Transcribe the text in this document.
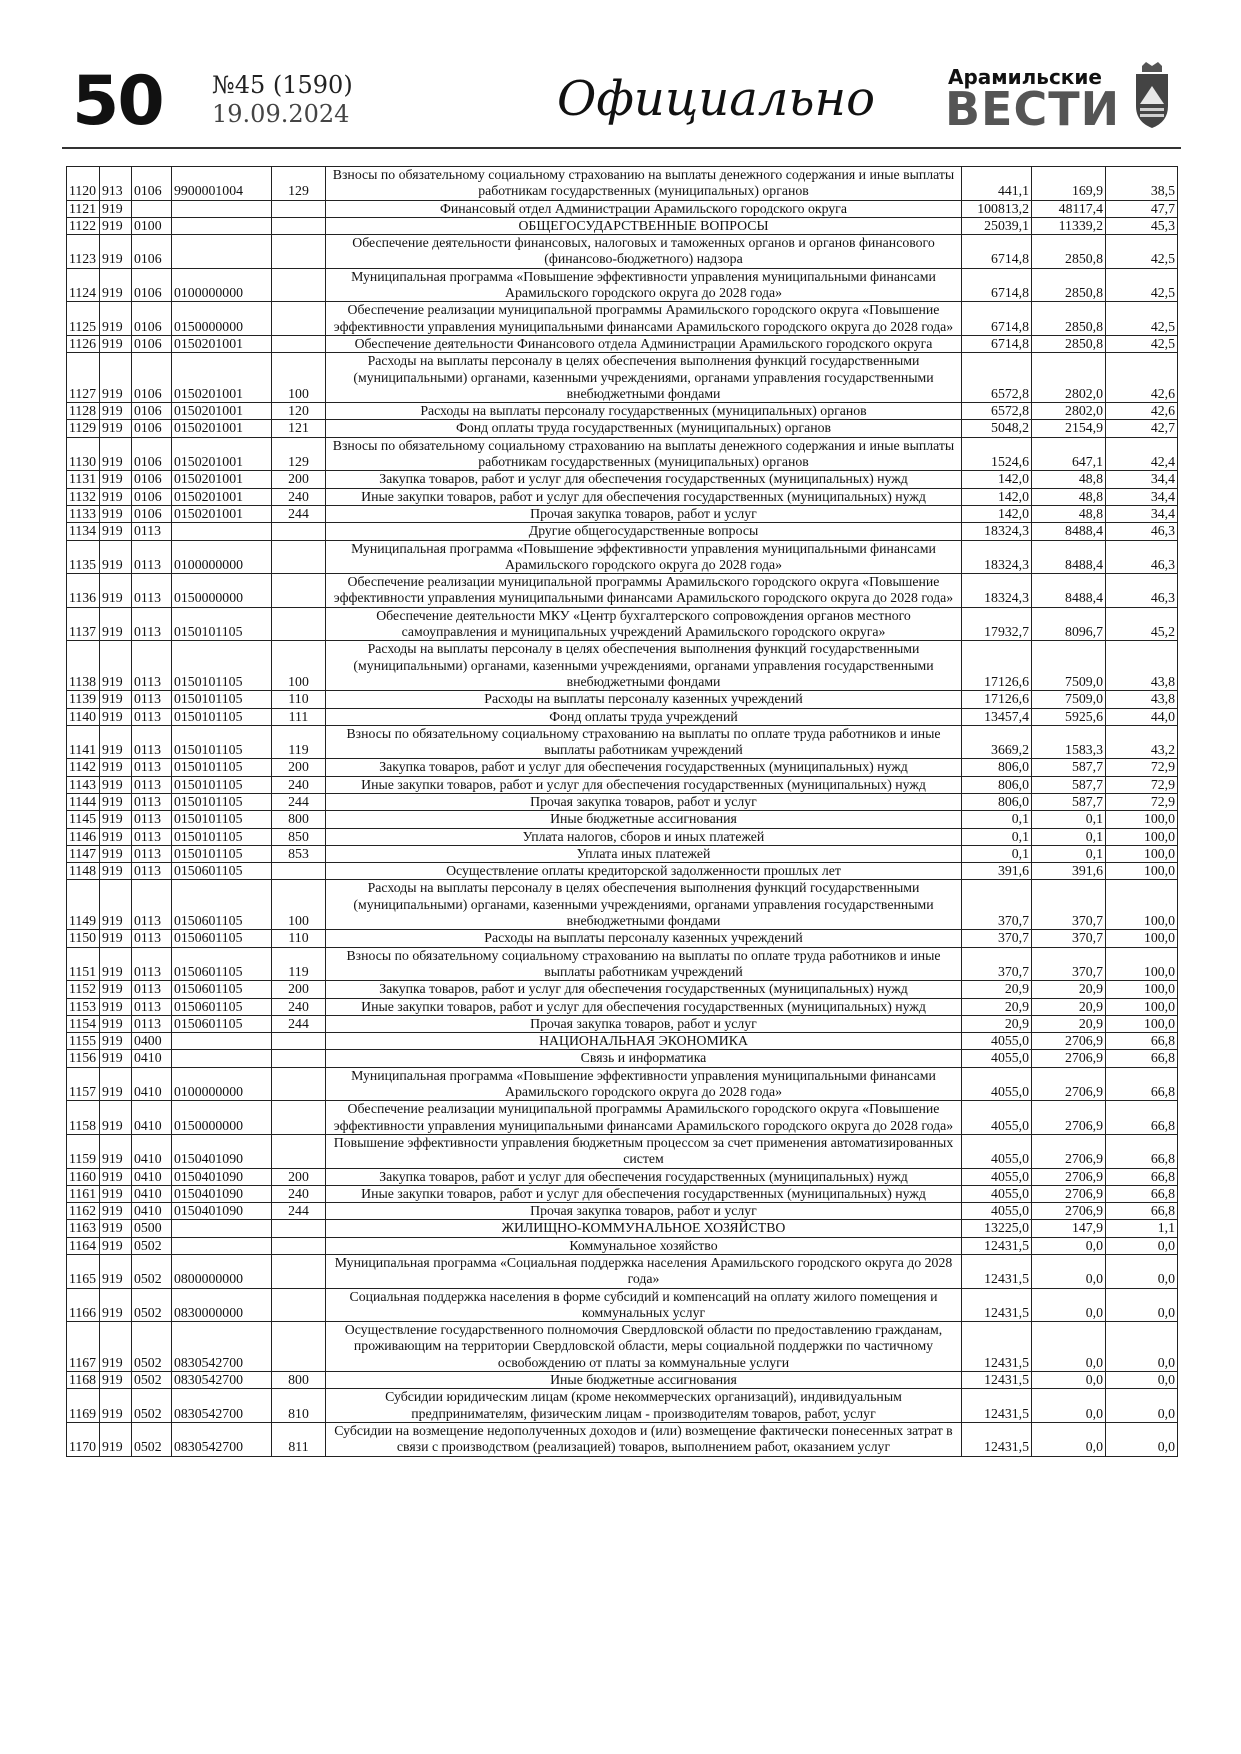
50 №45 (1590)
19.09.2024	Официально	Арамильские
ВЕСТИ
1120	913	0106	9900001004	129	Взносы по обязательному социальному страхованию на выплаты денежного содержания и иные выплаты работникам государственных (муниципальных) органов	441,1	169,9	38,5
1121	919				Финансовый отдел Администрации Арамильского городского округа	100813,2	48117,4	47,7
1122	919	0100			ОБЩЕГОСУДАРСТВЕННЫЕ ВОПРОСЫ	25039,1	11339,2	45,3
1123	919	0106			Обеспечение деятельности финансовых, налоговых и таможенных органов и органов финансового (финансово-бюджетного) надзора	6714,8	2850,8	42,5
1124	919	0106	0100000000		Муниципальная программа «Повышение эффективности управления муниципальными финансами Арамильского городского округа до 2028 года»	6714,8	2850,8	42,5
1125	919	0106	0150000000		Обеспечение реализации муниципальной программы Арамильского городского округа «Повышение эффективности управления муниципальными финансами Арамильского городского округа до 2028 года»	6714,8	2850,8	42,5
1126	919	0106	0150201001		Обеспечение деятельности Финансового отдела Администрации Арамильского городского округа	6714,8	2850,8	42,5
1127	919	0106	0150201001	100	Расходы на выплаты персоналу в целях обеспечения выполнения функций государственными (муниципальными) органами, казенными учреждениями, органами управления государственными внебюджетными фондами	6572,8	2802,0	42,6
1128	919	0106	0150201001	120	Расходы на выплаты персоналу государственных (муниципальных) органов	6572,8	2802,0	42,6
1129	919	0106	0150201001	121	Фонд оплаты труда государственных (муниципальных) органов	5048,2	2154,9	42,7
1130	919	0106	0150201001	129	Взносы по обязательному социальному страхованию на выплаты денежного содержания и иные выплаты работникам государственных (муниципальных) органов	1524,6	647,1	42,4
1131	919	0106	0150201001	200	Закупка товаров, работ и услуг для обеспечения государственных (муниципальных) нужд	142,0	48,8	34,4
1132	919	0106	0150201001	240	Иные закупки товаров, работ и услуг для обеспечения государственных (муниципальных) нужд	142,0	48,8	34,4
1133	919	0106	0150201001	244	Прочая закупка товаров, работ и услуг	142,0	48,8	34,4
1134	919	0113			Другие общегосударственные вопросы	18324,3	8488,4	46,3
1135	919	0113	0100000000		Муниципальная программа «Повышение эффективности управления муниципальными финансами Арамильского городского округа до 2028 года»	18324,3	8488,4	46,3
1136	919	0113	0150000000		Обеспечение реализации муниципальной программы Арамильского городского округа «Повышение эффективности управления муниципальными финансами Арамильского городского округа до 2028 года»	18324,3	8488,4	46,3
1137	919	0113	0150101105		Обеспечение деятельности МКУ «Центр бухгалтерского сопровождения органов местного самоуправления и муниципальных учреждений Арамильского городского округа»	17932,7	8096,7	45,2
1138	919	0113	0150101105	100	Расходы на выплаты персоналу в целях обеспечения выполнения функций государственными (муниципальными) органами, казенными учреждениями, органами управления государственными внебюджетными фондами	17126,6	7509,0	43,8
1139	919	0113	0150101105	110	Расходы на выплаты персоналу казенных учреждений	17126,6	7509,0	43,8
1140	919	0113	0150101105	111	Фонд оплаты труда учреждений	13457,4	5925,6	44,0
1141	919	0113	0150101105	119	Взносы по обязательному социальному страхованию на выплаты по оплате труда работников и иные выплаты работникам учреждений	3669,2	1583,3	43,2
1142	919	0113	0150101105	200	Закупка товаров, работ и услуг для обеспечения государственных (муниципальных) нужд	806,0	587,7	72,9
1143	919	0113	0150101105	240	Иные закупки товаров, работ и услуг для обеспечения государственных (муниципальных) нужд	806,0	587,7	72,9
1144	919	0113	0150101105	244	Прочая закупка товаров, работ и услуг	806,0	587,7	72,9
1145	919	0113	0150101105	800	Иные бюджетные ассигнования	0,1	0,1	100,0
1146	919	0113	0150101105	850	Уплата налогов, сборов и иных платежей	0,1	0,1	100,0
1147	919	0113	0150101105	853	Уплата иных платежей	0,1	0,1	100,0
1148	919	0113	0150601105		Осуществление оплаты кредиторской задолженности прошлых лет	391,6	391,6	100,0
1149	919	0113	0150601105	100	Расходы на выплаты персоналу в целях обеспечения выполнения функций государственными (муниципальными) органами, казенными учреждениями, органами управления государственными внебюджетными фондами	370,7	370,7	100,0
1150	919	0113	0150601105	110	Расходы на выплаты персоналу казенных учреждений	370,7	370,7	100,0
1151	919	0113	0150601105	119	Взносы по обязательному социальному страхованию на выплаты по оплате труда работников и иные выплаты работникам учреждений	370,7	370,7	100,0
1152	919	0113	0150601105	200	Закупка товаров, работ и услуг для обеспечения государственных (муниципальных) нужд	20,9	20,9	100,0
1153	919	0113	0150601105	240	Иные закупки товаров, работ и услуг для обеспечения государственных (муниципальных) нужд	20,9	20,9	100,0
1154	919	0113	0150601105	244	Прочая закупка товаров, работ и услуг	20,9	20,9	100,0
1155	919	0400			НАЦИОНАЛЬНАЯ ЭКОНОМИКА	4055,0	2706,9	66,8
1156	919	0410			Связь и информатика	4055,0	2706,9	66,8
1157	919	0410	0100000000		Муниципальная программа «Повышение эффективности управления муниципальными финансами Арамильского городского округа до 2028 года»	4055,0	2706,9	66,8
1158	919	0410	0150000000		Обеспечение реализации муниципальной программы Арамильского городского округа «Повышение эффективности управления муниципальными финансами Арамильского городского округа до 2028 года»	4055,0	2706,9	66,8
1159	919	0410	0150401090		Повышение эффективности управления бюджетным процессом за счет применения автоматизированных систем	4055,0	2706,9	66,8
1160	919	0410	0150401090	200	Закупка товаров, работ и услуг для обеспечения государственных (муниципальных) нужд	4055,0	2706,9	66,8
1161	919	0410	0150401090	240	Иные закупки товаров, работ и услуг для обеспечения государственных (муниципальных) нужд	4055,0	2706,9	66,8
1162	919	0410	0150401090	244	Прочая закупка товаров, работ и услуг	4055,0	2706,9	66,8
1163	919	0500			ЖИЛИЩНО-КОММУНАЛЬНОЕ ХОЗЯЙСТВО	13225,0	147,9	1,1
1164	919	0502			Коммунальное хозяйство	12431,5	0,0	0,0
1165	919	0502	0800000000		Муниципальная программа «Социальная поддержка населения Арамильского городского округа до 2028 года»	12431,5	0,0	0,0
1166	919	0502	0830000000		Социальная поддержка населения в форме субсидий и компенсаций на оплату жилого помещения и коммунальных услуг	12431,5	0,0	0,0
1167	919	0502	0830542700		Осуществление государственного полномочия Свердловской области по предоставлению гражданам, проживающим на территории Свердловской области, меры социальной поддержки по частичному освобождению от платы за коммунальные услуги	12431,5	0,0	0,0
1168	919	0502	0830542700	800	Иные бюджетные ассигнования	12431,5	0,0	0,0
1169	919	0502	0830542700	810	Субсидии юридическим лицам (кроме некоммерческих организаций), индивидуальным предпринимателям, физическим лицам - производителям товаров, работ, услуг	12431,5	0,0	0,0
1170	919	0502	0830542700	811	Субсидии на возмещение недополученных доходов и (или) возмещение фактически понесенных затрат в связи с производством (реализацией) товаров, выполнением работ, оказанием услуг	12431,5	0,0	0,0
